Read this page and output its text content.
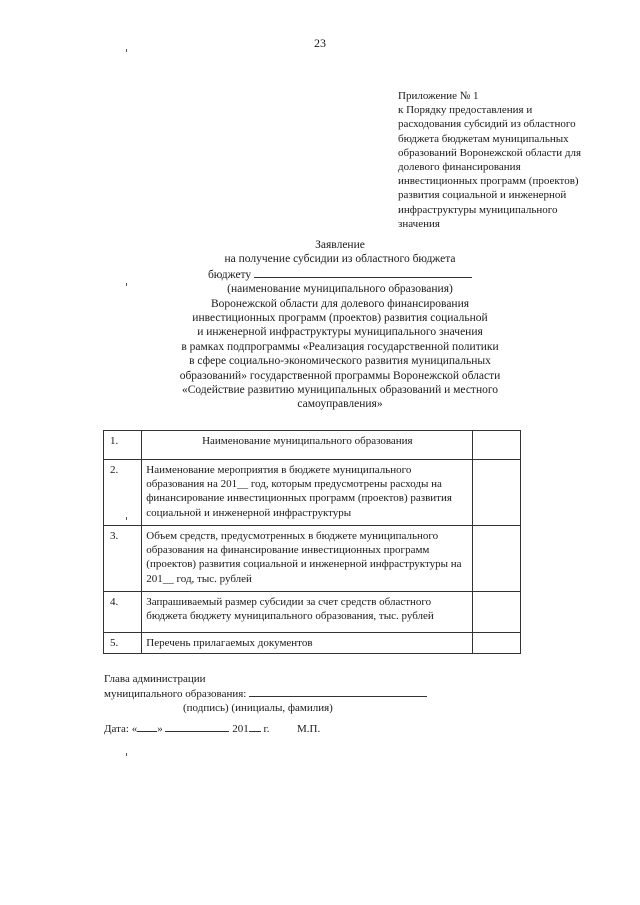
23
Приложение № 1
к Порядку предоставления и
расходования субсидий из областного
бюджета бюджетам муниципальных
образований Воронежской области для
долевого финансирования
инвестиционных программ (проектов)
развития социальной и инженерной
инфраструктуры муниципального
значения
Заявление
на получение субсидии из областного бюджета
бюджету
(наименование муниципального образования)
Воронежской области для долевого финансирования
инвестиционных программ (проектов) развития социальной
и инженерной инфраструктуры муниципального значения
в рамках подпрограммы «Реализация государственной политики
в сфере социально-экономического развития муниципальных
образований» государственной программы Воронежской области
«Содействие развитию муниципальных образований и местного
самоуправления»
1.	Наименование муниципального образования	
2.	Наименование мероприятия в бюджете муниципального образования на 201__ год, которым предусмотрены расходы на финансирование инвестиционных программ (проектов) развития социальной и инженерной инфраструктуры	
3.	Объем средств, предусмотренных в бюджете муниципального образования на финансирование инвестиционных программ (проектов) развития социальной и инженерной инфраструктуры на 201__ год, тыс. рублей	
4.	Запрашиваемый размер субсидии за счет средств областного бюджета бюджету муниципального образования, тыс. рублей	
5.	Перечень прилагаемых документов	
Глава администрации
муниципального образования:
(подпись) (инициалы, фамилия)
Дата: « »	201 г.	М.П.
